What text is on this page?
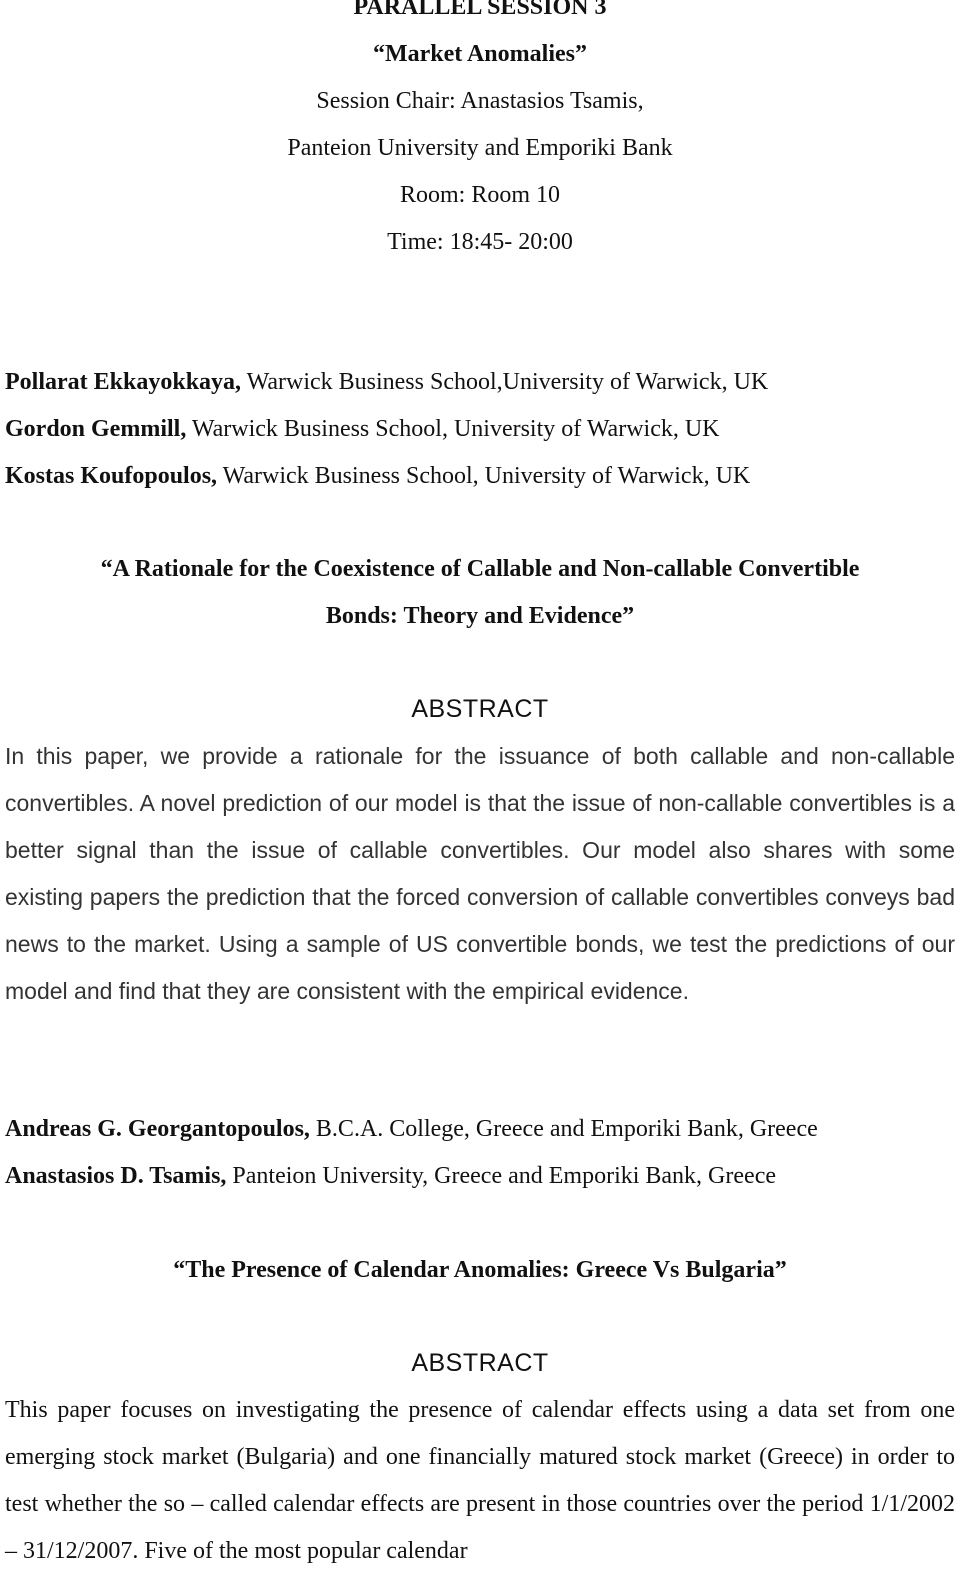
PARALLEL SESSION 3
“Market Anomalies”
Session Chair: Anastasios Tsamis,
Panteion University and Emporiki Bank
Room: Room 10
Time: 18:45- 20:00
Pollarat Ekkayokkaya, Warwick Business School,University of Warwick, UK
Gordon Gemmill, Warwick Business School, University of Warwick, UK
Kostas Koufopoulos, Warwick Business School, University of Warwick, UK
“A Rationale for the Coexistence of Callable and Non-callable Convertible
Bonds: Theory and Evidence”
ABSTRACT
In this paper, we provide a rationale for the issuance of both callable and non-callable convertibles. A novel prediction of our model is that the issue of non-callable convertibles is a better signal than the issue of callable convertibles. Our model also shares with some existing papers the prediction that the forced conversion of callable convertibles conveys bad news to the market. Using a sample of US convertible bonds, we test the predictions of our model and find that they are consistent with the empirical evidence.
Andreas G. Georgantopoulos, B.C.A. College, Greece and Emporiki Bank, Greece
Anastasios D. Tsamis, Panteion University, Greece and Emporiki Bank, Greece
“The Presence of Calendar Anomalies: Greece Vs Bulgaria”
ABSTRACT
This paper focuses on investigating the presence of calendar effects using a data set from one emerging stock market (Bulgaria) and one financially matured stock market (Greece) in order to test whether the so – called calendar effects are present in those countries over the period 1/1/2002 – 31/12/2007. Five of the most popular calendar
